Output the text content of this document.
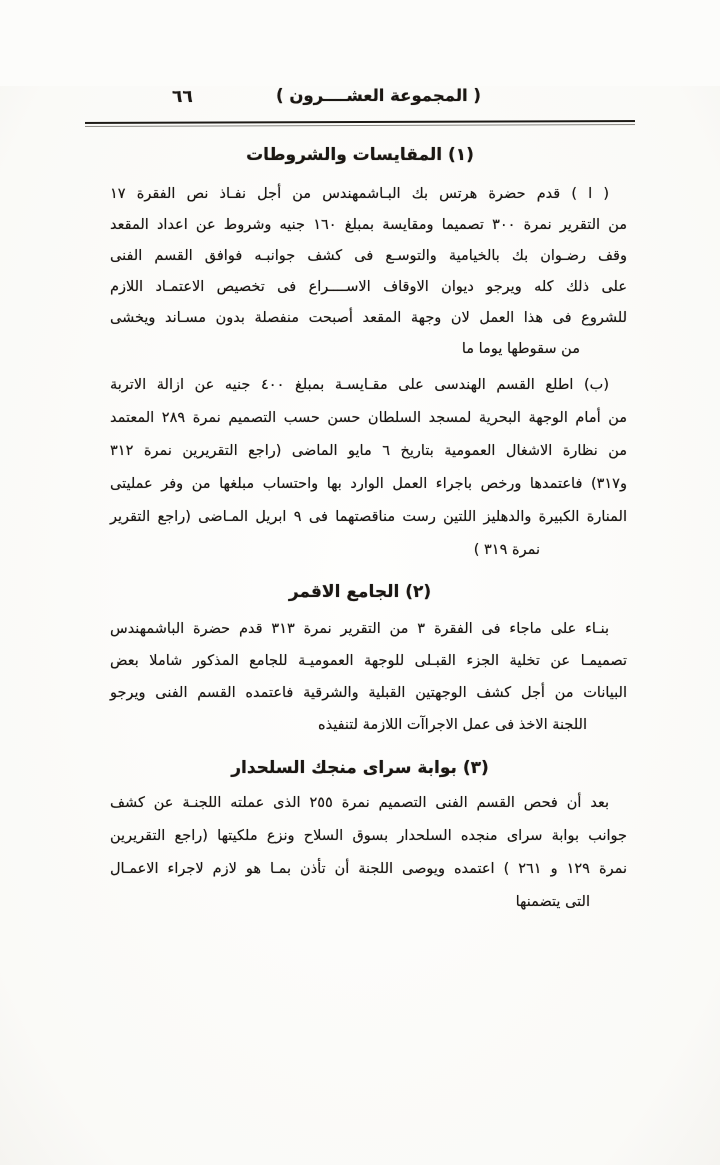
( المجموعة العشــــرون )
٦٦
(١) المقايسات والشروطات
( ا ) قدم حضرة هرتس بك البـاشمهندس من أجل نفـاذ نص الفقرة ١٧
من التقرير نمرة ٣٠٠ تصميما ومقايسة بمبلغ ١٦٠ جنيه وشروط عن اعداد المقعد
وقف رضـوان بك بالخيامية والتوسـع فى كشف جوانبـه فوافق القسم الفنى
على ذلك كله ويرجو ديوان الاوقاف الاســــراع فى تخصيص الاعتمـاد اللازم
للشروع فى هذا العمل لان وجهة المقعد أصبحت منفصلة بدون مسـاند ويخشى
من سقوطها يوما ما
(ب) اطلع القسم الهندسى على مقـايسـة بمبلغ ٤٠٠ جنيه عن ازالة الاتربة
من أمام الوجهة البحرية لمسجد السلطان حسن حسب التصميم نمرة ٢٨٩ المعتمد
من نظارة الاشغال العمومية بتاريخ ٦ مايو الماضى (راجع التقريرين نمرة ٣١٢
و٣١٧) فاعتمدها ورخص باجراء العمل الوارد بها واحتساب مبلغها من وفر عمليتى
المنارة الكبيرة والدهليز اللتين رست مناقصتهما فى ٩ ابريل المـاضى (راجع التقرير
نمرة ٣١٩ )
(٢) الجامع الاقمر
بنـاء على ماجاء فى الفقرة ٣ من التقرير نمرة ٣١٣ قدم حضرة الباشمهندس
تصميمـا عن تخلية الجزء القبـلى للوجهة العموميـة للجامع المذكور شاملا بعض
البيانات من أجل كشف الوجهتين القبلية والشرقية فاعتمده القسم الفنى ويرجو
اللجنة الاخذ فى عمل الاجراآت اللازمة لتنفيذه
(٣) بوابة سراى منجك السلحدار
بعد أن فحص القسم الفنى التصميم نمرة ٢٥٥ الذى عملته اللجنـة عن كشف
جوانب بوابة سراى منجده السلحدار بسوق السلاح ونزع ملكيتها (راجع التقريرين
نمرة ١٢٩ و ٢٦١ ) اعتمده ويوصى اللجنة أن تأذن بمـا هو لازم لاجراء الاعمـال
التى يتضمنها
